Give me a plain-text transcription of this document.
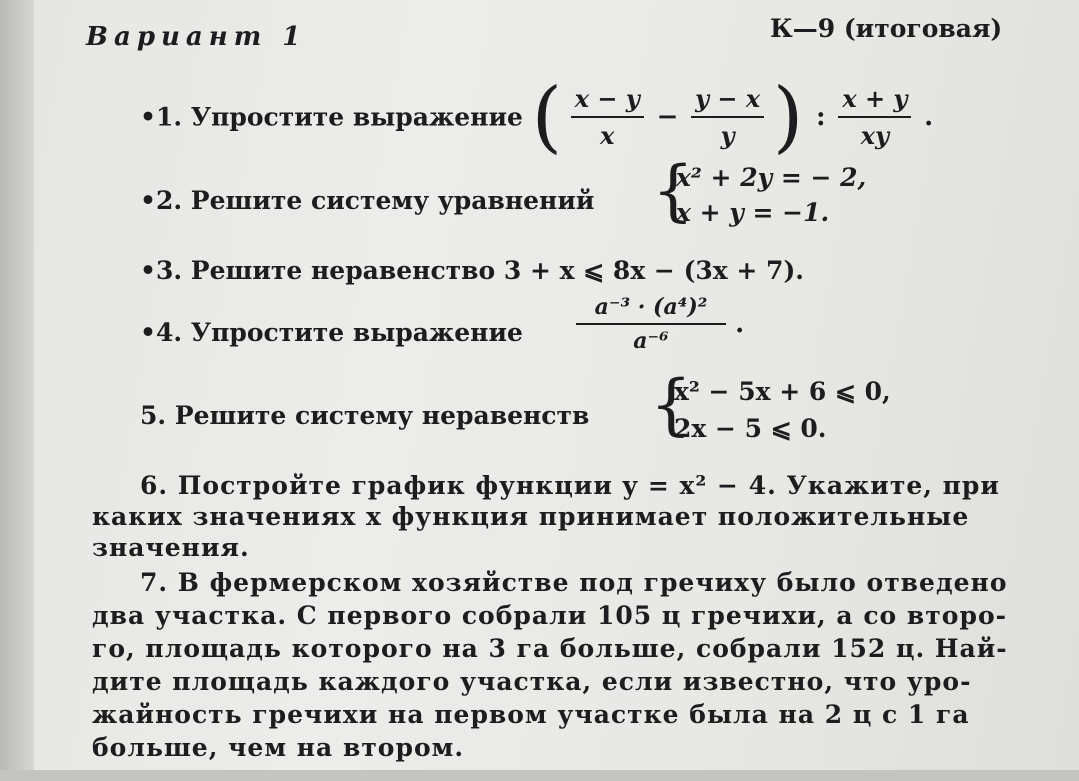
Вариант 1	К—9 (итоговая)
•1. Упростите выражение ( $\frac{x - y}{x} - \frac{y - x}{y}$ ) : $\frac{x + y}{xy}$ .
•2. Решите систему уравнений {
x² + 2y = − 2,
x + y = −1.
•3. Решите неравенство 3 + x ⩽ 8x − (3x + 7).
•4. Упростите выражение $\frac{\text{a⁻³ · (a⁴)²}}{\text{a⁻⁶}}$ .
5. Решите систему неравенств {
x² − 5x + 6 ⩽ 0,
2x − 5 ⩽ 0.
6. Постройте график функции y = x² − 4. Укажите, при
каких значениях x функция принимает положительные
значения.
7. В фермерском хозяйстве под гречиху было отведено
два участка. С первого собрали 105 ц гречихи, а со второ-
го, площадь которого на 3 га больше, собрали 152 ц. Най-
дите площадь каждого участка, если известно, что уро-
жайность гречихи на первом участке была на 2 ц с 1 га
больше, чем на втором.
